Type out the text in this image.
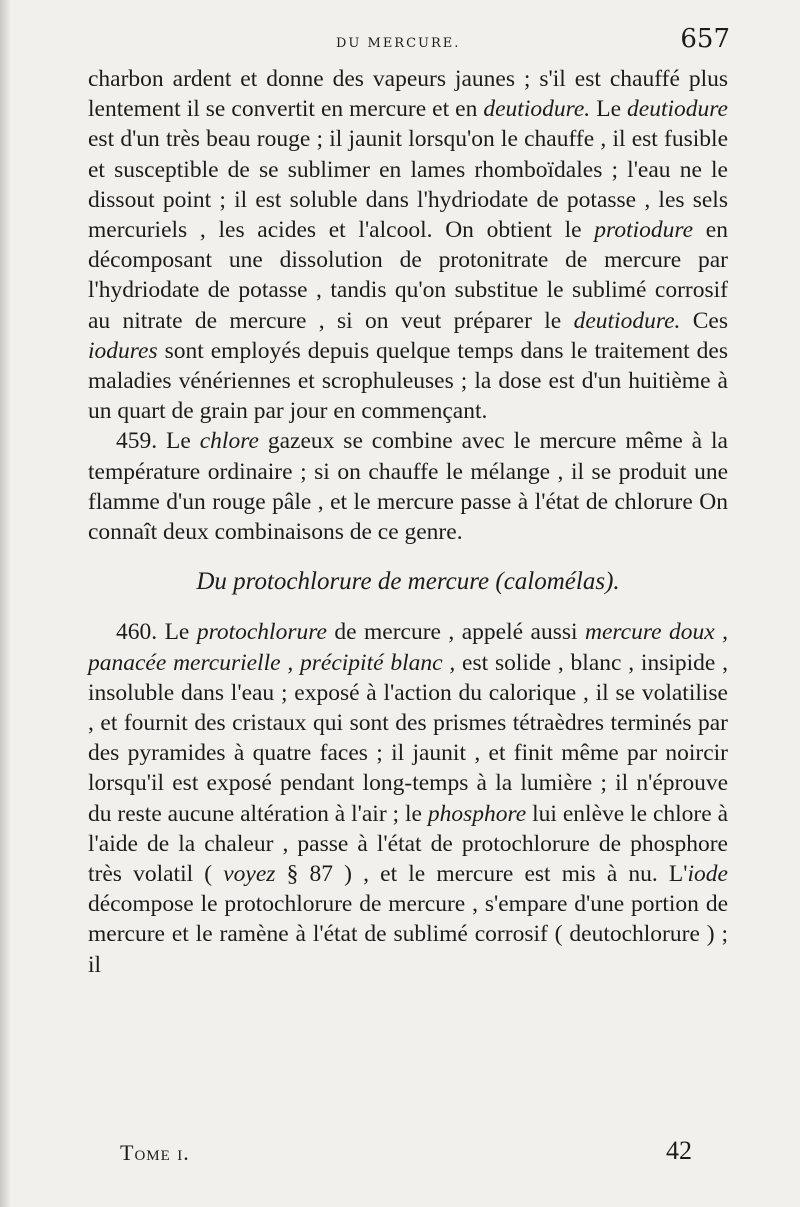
DU MERCURE.	657

charbon ardent et donne des vapeurs jaunes ; s'il est chauffé plus lentement il se convertit en mercure et en deutiodure. Le deutiodure est d'un très beau rouge ; il jaunit lorsqu'on le chauffe , il est fusible et susceptible de se sublimer en lames rhomboïdales ; l'eau ne le dissout point ; il est soluble dans l'hydriodate de potasse , les sels mercuriels , les acides et l'alcool. On obtient le protiodure en décomposant une dissolution de protonitrate de mercure par l'hydriodate de potasse , tandis qu'on substitue le sublimé corrosif au nitrate de mercure , si on veut préparer le deutiodure. Ces iodures sont employés depuis quelque temps dans le traitement des maladies vénériennes et scrophuleuses ; la dose est d'un huitième à un quart de grain par jour en commençant.

459. Le chlore gazeux se combine avec le mercure même à la température ordinaire ; si on chauffe le mélange , il se produit une flamme d'un rouge pâle , et le mercure passe à l'état de chlorure On connaît deux combinaisons de ce genre.

Du protochlorure de mercure (calomélas).

460. Le protochlorure de mercure , appelé aussi mercure doux , panacée mercurielle , précipité blanc , est solide , blanc , insipide , insoluble dans l'eau ; exposé à l'action du calorique , il se volatilise , et fournit des cristaux qui sont des prismes tétraèdres terminés par des pyramides à quatre faces ; il jaunit , et finit même par noircir lorsqu'il est exposé pendant long-temps à la lumière ; il n'éprouve du reste aucune altération à l'air ; le phosphore lui enlève le chlore à l'aide de la chaleur , passe à l'état de protochlorure de phosphore très volatil ( voyez § 87 ) , et le mercure est mis à nu. L'iode décompose le protochlorure de mercure , s'empare d'une portion de mercure et le ramène à l'état de sublimé corrosif ( deutochlorure ) ; il

Tome i.	42
